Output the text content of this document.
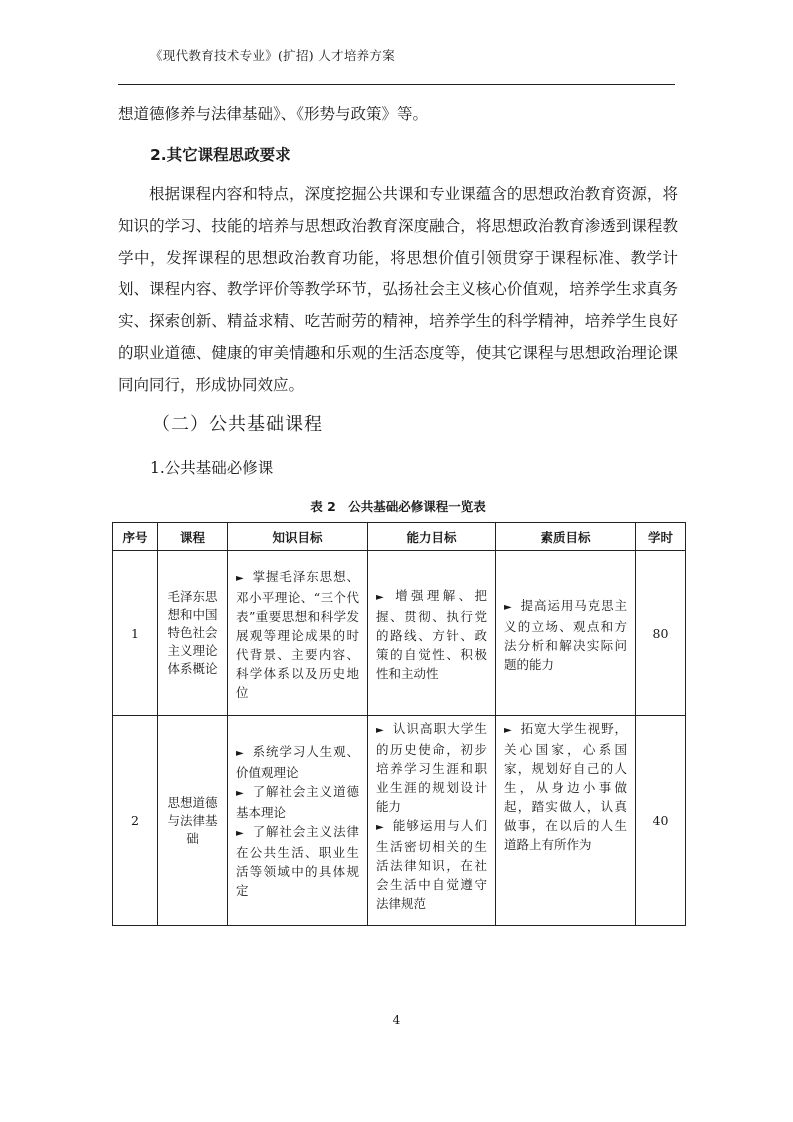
《现代教育技术专业》(扩招) 人才培养方案
想道德修养与法律基础》、《形势与政策》等。
2.其它课程思政要求
根据课程内容和特点，深度挖掘公共课和专业课蕴含的思想政治教育资源，将知识的学习、技能的培养与思想政治教育深度融合，将思想政治教育渗透到课程教学中，发挥课程的思想政治教育功能，将思想价值引领贯穿于课程标准、教学计划、课程内容、教学评价等教学环节，弘扬社会主义核心价值观，培养学生求真务实、探索创新、精益求精、吃苦耐劳的精神，培养学生的科学精神，培养学生良好的职业道德、健康的审美情趣和乐观的生活态度等，使其它课程与思想政治理论课同向同行，形成协同效应。
（二）公共基础课程
1.公共基础必修课
表 2　公共基础必修课程一览表
序号	课程	知识目标	能力目标	素质目标	学时
1	毛泽东思想和中国特色社会主义理论体系概论	► 掌握毛泽东思想、邓小平理论、“三个代表”重要思想和科学发展观等理论成果的时代背景、主要内容、科学体系以及历史地位	► 增强理解、把握、贯彻、执行党的路线、方针、政策的自觉性、积极性和主动性	► 提高运用马克思主义的立场、观点和方法分析和解决实际问题的能力	80
2	思想道德与法律基础	► 系统学习人生观、价值观理论
► 了解社会主义道德基本理论
► 了解社会主义法律在公共生活、职业生活等领域中的具体规定	► 认识高职大学生的历史使命，初步培养学习生涯和职业生涯的规划设计能力
► 能够运用与人们生活密切相关的生活法律知识，在社会生活中自觉遵守法律规范	► 拓宽大学生视野，关心国家，心系国家，规划好自己的人生，从身边小事做起，踏实做人，认真做事，在以后的人生道路上有所作为	40
4
